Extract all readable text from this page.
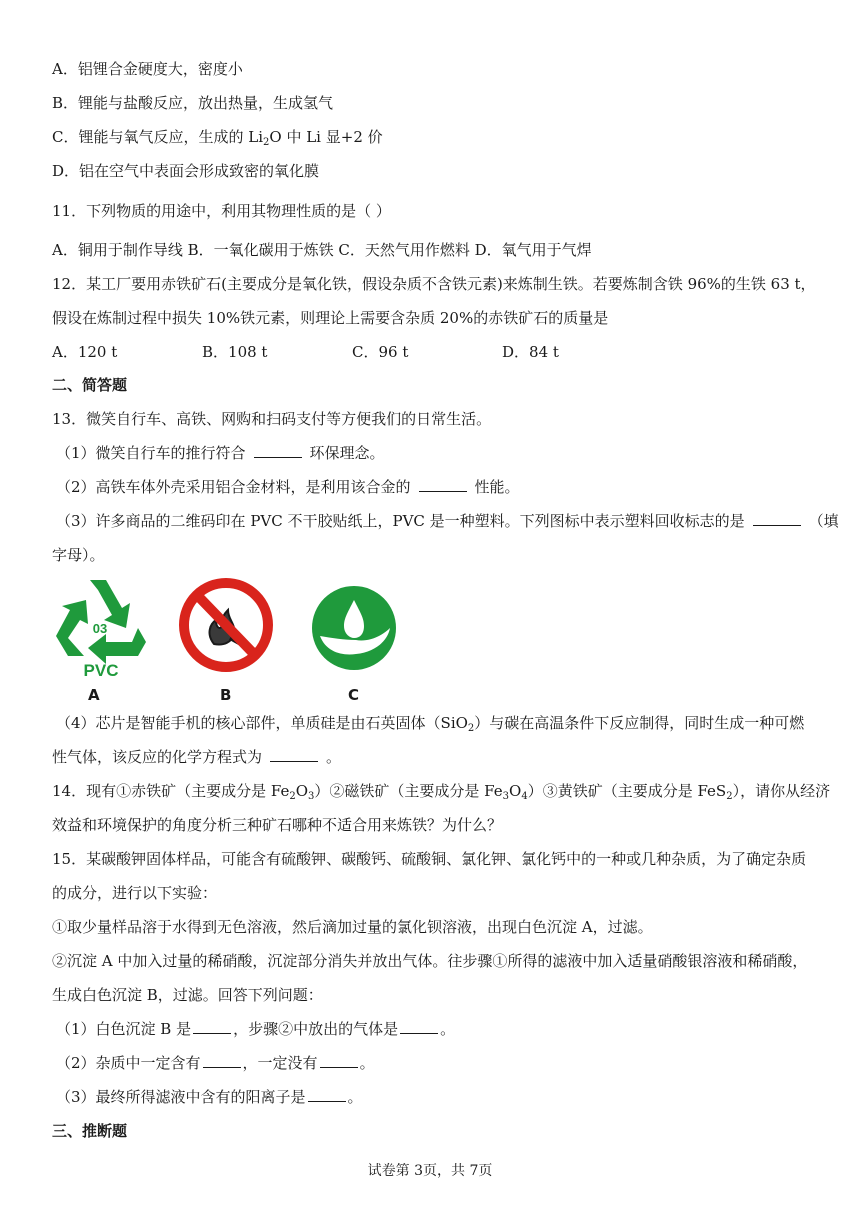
A．铝锂合金硬度大，密度小
B．锂能与盐酸反应，放出热量，生成氢气
C．锂能与氧气反应，生成的 $Li_2O$ 中 Li 显+2 价
D．铝在空气中表面会形成致密的氧化膜
11．下列物质的用途中，利用其物理性质的是（ ）
A．铜用于制作导线 B．一氧化碳用于炼铁 C．天然气用作燃料 D．氧气用于气焊
12．某工厂要用赤铁矿石(主要成分是氧化铁，假设杂质不含铁元素)来炼制生铁。若要炼制含铁 96%的生铁 63 t，
假设在炼制过程中损失 10%铁元素，则理论上需要含杂质 20%的赤铁矿石的质量是
A．120 t	B．108 t	C．96 t	D．84 t
二、简答题
13．微笑自行车、高铁、网购和扫码支付等方便我们的日常生活。
（1）微笑自行车的推行符合	环保理念。
（2）高铁车体外壳采用铝合金材料，是利用该合金的	性能。
（3）许多商品的二维码印在 PVC 不干胶贴纸上，PVC 是一种塑料。下列图标中表示塑料回收标志的是	（填
字母）。
03
PVC
A	B	C
（4）芯片是智能手机的核心部件，单质硅是由石英固体（SiO$_2$）与碳在高温条件下反应制得，同时生成一种可燃
性气体，该反应的化学方程式为	。
14．现有①赤铁矿（主要成分是 $Fe_2O_3)②$磁铁矿（主要成分是 $Fe_3O_4)③$黄铁矿（主要成分是 FeS$_2$），请你从经济
效益和环境保护的角度分析三种矿石哪种不适合用来炼铁？为什么？
15．某碳酸钾固体样品，可能含有硫酸钾、碳酸钙、硫酸铜、氯化钾、氯化钙中的一种或几种杂质，为了确定杂质
的成分，进行以下实验：
①取少量样品溶于水得到无色溶液，然后滴加过量的氯化钡溶液，出现白色沉淀 A，过滤。
②沉淀 A 中加入过量的稀硝酸，沉淀部分消失并放出气体。往步骤①所得的滤液中加入适量硝酸银溶液和稀硝酸，
生成白色沉淀 B，过滤。回答下列问题：
（1）白色沉淀 B 是	，步骤②中放出的气体是	。
（2）杂质中一定含有	，一定没有	。
（3）最终所得滤液中含有的阳离子是	。
三、推断题
试卷第 3页，共 7页
